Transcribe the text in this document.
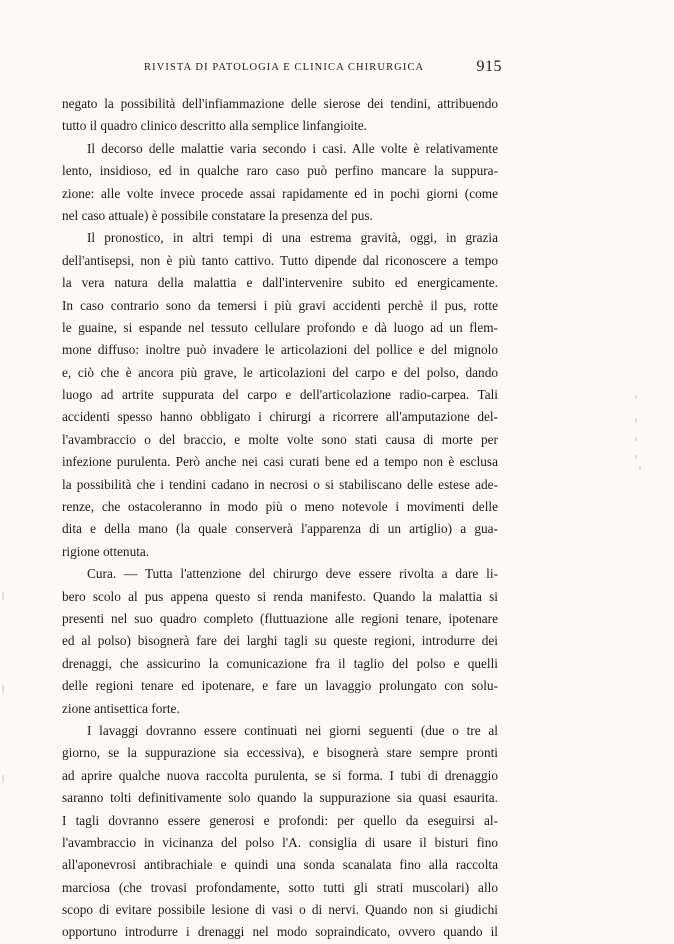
RIVISTA DI PATOLOGIA E CLINICA CHIRURGICA	915
negato la possibilità dell'infiammazione delle sierose dei tendini, attribuendo
tutto il quadro clinico descritto alla semplice linfangioite.
Il decorso delle malattie varia secondo i casi. Alle volte è relativamente
lento, insidioso, ed in qualche raro caso può perfino mancare la suppura-
zione: alle volte invece procede assai rapidamente ed in pochi giorni (come
nel caso attuale) è possibile constatare la presenza del pus.
Il pronostico, in altri tempi di una estrema gravità, oggi, in grazia
dell'antisepsi, non è più tanto cattivo. Tutto dipende dal riconoscere a tempo
la vera natura della malattia e dall'intervenire subito ed energicamente.
In caso contrario sono da temersi i più gravi accidenti perchè il pus, rotte
le guaine, si espande nel tessuto cellulare profondo e dà luogo ad un flem-
mone diffuso: inoltre può invadere le articolazioni del pollice e del mignolo
e, ciò che è ancora più grave, le articolazioni del carpo e del polso, dando
luogo ad artrite suppurata del carpo e dell'articolazione radio-carpea. Tali
accidenti spesso hanno obbligato i chirurgi a ricorrere all'amputazione del-
l'avambraccio o del braccio, e molte volte sono stati causa di morte per
infezione purulenta. Però anche nei casi curati bene ed a tempo non è esclusa
la possibilità che i tendini cadano in necrosi o si stabiliscano delle estese ade-
renze, che ostacoleranno in modo più o meno notevole i movimenti delle
dita e della mano (la quale conserverà l'apparenza di un artiglio) a gua-
rigione ottenuta.
Cura. — Tutta l'attenzione del chirurgo deve essere rivolta a dare li-
bero scolo al pus appena questo si renda manifesto. Quando la malattia si
presenti nel suo quadro completo (fluttuazione alle regioni tenare, ipotenare
ed al polso) bisognerà fare dei larghi tagli su queste regioni, introdurre dei
drenaggi, che assicurino la comunicazione fra il taglio del polso e quelli
delle regioni tenare ed ipotenare, e fare un lavaggio prolungato con solu-
zione antisettica forte.
I lavaggi dovranno essere continuati nei giorni seguenti (due o tre al
giorno, se la suppurazione sia eccessiva), e bisognerà stare sempre pronti
ad aprire qualche nuova raccolta purulenta, se si forma. I tubi di drenaggio
saranno tolti definitivamente solo quando la suppurazione sia quasi esaurita.
I tagli dovranno essere generosi e profondi: per quello da eseguirsi al-
l'avambraccio in vicinanza del polso l'A. consiglia di usare il bisturi fino
all'aponevrosi antibrachiale e quindi una sonda scanalata fino alla raccolta
marciosa (che trovasi profondamente, sotto tutti gli strati muscolari) allo
scopo di evitare possibile lesione di vasi o di nervi. Quando non si giudichi
opportuno introdurre i drenaggi nel modo sopraindicato, ovvero quando il
